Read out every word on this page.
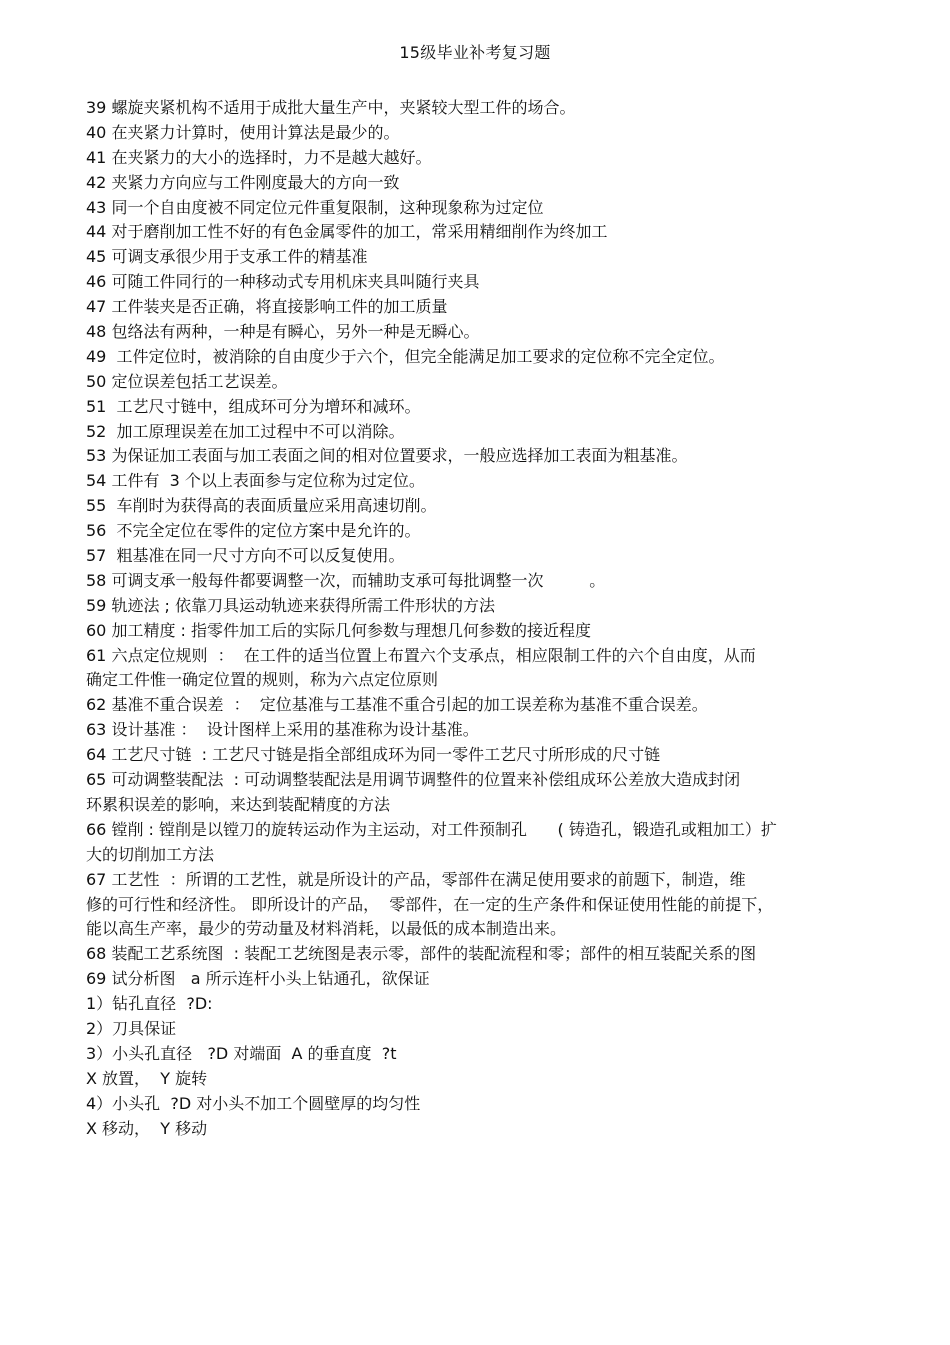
15级毕业补考复习题
39 螺旋夹紧机构不适用于成批大量生产中，夹紧较大型工件的场合。
40 在夹紧力计算时，使用计算法是最少的。
41 在夹紧力的大小的选择时，力不是越大越好。
42 夹紧力方向应与工件刚度最大的方向一致
43 同一个自由度被不同定位元件重复限制，这种现象称为过定位
44 对于磨削加工性不好的有色金属零件的加工，常采用精细削作为终加工
45 可调支承很少用于支承工件的精基准
46 可随工件同行的一种移动式专用机床夹具叫随行夹具
47 工件装夹是否正确，将直接影响工件的加工质量
48 包络法有两种，一种是有瞬心，另外一种是无瞬心。
49  工件定位时，被消除的自由度少于六个，但完全能满足加工要求的定位称不完全定位。
50 定位误差包括工艺误差。
51  工艺尺寸链中，组成环可分为增环和减环。
52  加工原理误差在加工过程中不可以消除。
53 为保证加工表面与加工表面之间的相对位置要求，一般应选择加工表面为粗基准。
54 工件有  3 个以上表面参与定位称为过定位。
55  车削时为获得高的表面质量应采用高速切削。
56  不完全定位在零件的定位方案中是允许的。
57  粗基准在同一尺寸方向不可以反复使用。
58 可调支承一般每件都要调整一次，而辅助支承可每批调整一次         。
59 轨迹法 ; 依靠刀具运动轨迹来获得所需工件形状的方法
60 加工精度 : 指零件加工后的实际几何参数与理想几何参数的接近程度
61 六点定位规则  ：  在工件的适当位置上布置六个支承点，相应限制工件的六个自由度，从而
确定工件惟一确定位置的规则，称为六点定位原则
62 基准不重合误差  ：  定位基准与工基准不重合引起的加工误差称为基准不重合误差。
63 设计基准 ：  设计图样上采用的基准称为设计基准。
64 工艺尺寸链  : 工艺尺寸链是指全部组成环为同一零件工艺尺寸所形成的尺寸链
65 可动调整装配法  : 可动调整装配法是用调节调整件的位置来补偿组成环公差放大造成封闭
环累积误差的影响，来达到装配精度的方法
66 镗削 : 镗削是以镗刀的旋转运动作为主运动，对工件预制孔      ( 铸造孔，锻造孔或粗加工）扩
大的切削加工方法
67 工艺性  ：所谓的工艺性，就是所设计的产品，零部件在满足使用要求的前题下，制造，维
修的可行性和经济性。 即所设计的产品，  零部件，在一定的生产条件和保证使用性能的前提下，
能以高生产率，最少的劳动量及材料消耗，以最低的成本制造出来。
68 装配工艺系统图  : 装配工艺统图是表示零，部件的装配流程和零；部件的相互装配关系的图
69 试分析图   a 所示连杆小头上钻通孔，欲保证
1）钻孔直径  ?D:
2）刀具保证
3）小头孔直径   ?D 对端面  A 的垂直度  ?t
X 放置，  Y 旋转
4）小头孔  ?D 对小头不加工个圆壁厚的均匀性
X 移动，  Y 移动
